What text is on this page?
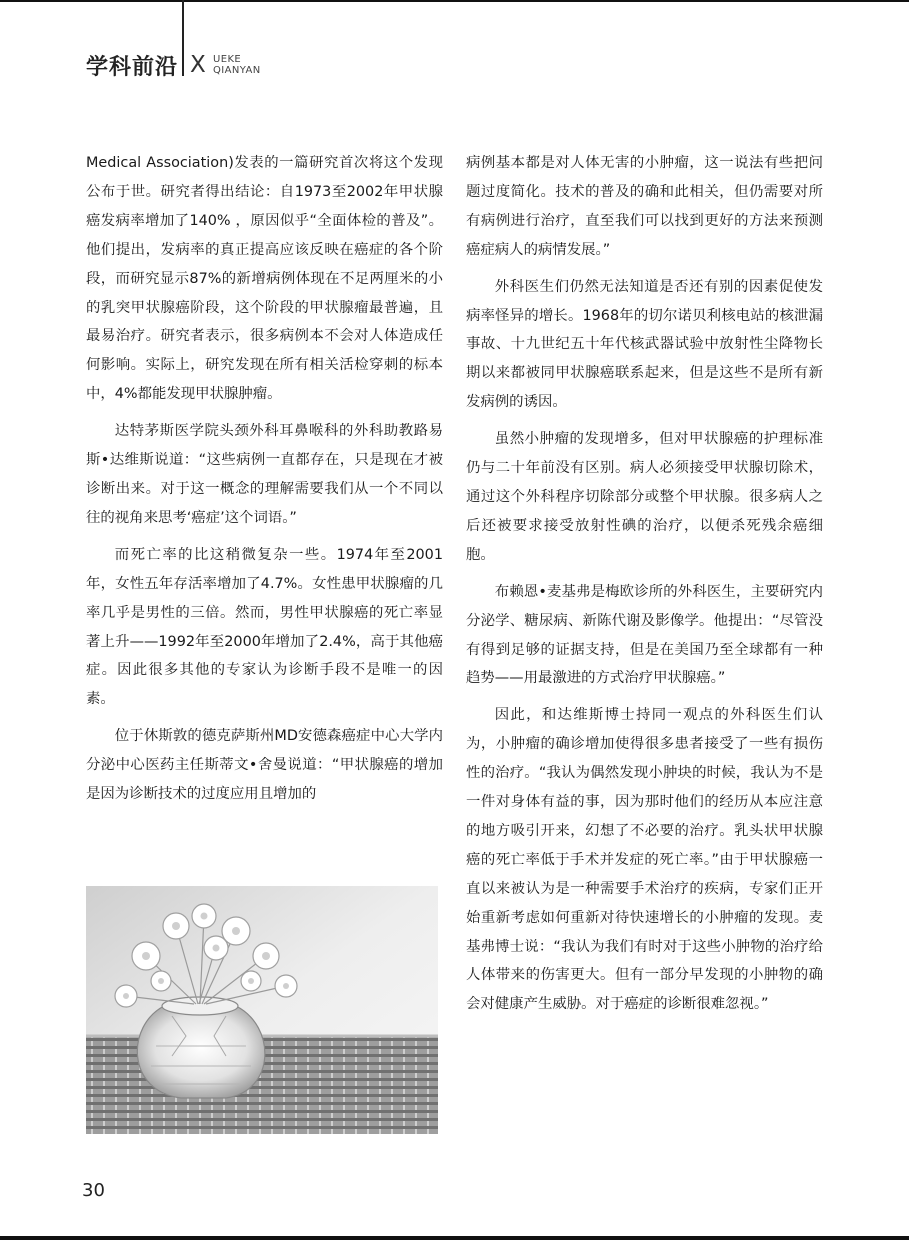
学科前沿 X UEKE
QIANYAN

Medical Association)发表的一篇研究首次将这个发现公布于世。研究者得出结论：自1973至2002年甲状腺癌发病率增加了140% ，原因似乎“全面体检的普及”。他们提出，发病率的真正提高应该反映在癌症的各个阶段，而研究显示87%的新增病例体现在不足两厘米的小的乳突甲状腺癌阶段，这个阶段的甲状腺瘤最普遍，且最易治疗。研究者表示，很多病例本不会对人体造成任何影响。实际上，研究发现在所有相关活检穿刺的标本中，4%都能发现甲状腺肿瘤。

达特茅斯医学院头颈外科耳鼻喉科的外科助教路易斯•达维斯说道：“这些病例一直都存在，只是现在才被诊断出来。对于这一概念的理解需要我们从一个不同以往的视角来思考‘癌症’这个词语。”

而死亡率的比这稍微复杂一些。1974年至2001年，女性五年存活率增加了4.7%。女性患甲状腺瘤的几率几乎是男性的三倍。然而，男性甲状腺癌的死亡率显著上升——1992年至2000年增加了2.4%，高于其他癌症。因此很多其他的专家认为诊断手段不是唯一的因素。

位于休斯敦的德克萨斯州MD安德森癌症中心大学内分泌中心医药主任斯蒂文•舍曼说道：“甲状腺癌的增加是因为诊断技术的过度应用且增加的

病例基本都是对人体无害的小肿瘤，这一说法有些把问题过度简化。技术的普及的确和此相关，但仍需要对所有病例进行治疗，直至我们可以找到更好的方法来预测癌症病人的病情发展。”

外科医生们仍然无法知道是否还有别的因素促使发病率怪异的增长。1968年的切尔诺贝利核电站的核泄漏事故、十九世纪五十年代核武器试验中放射性尘降物长期以来都被同甲状腺癌联系起来，但是这些不是所有新发病例的诱因。

虽然小肿瘤的发现增多，但对甲状腺癌的护理标准仍与二十年前没有区别。病人必须接受甲状腺切除术，通过这个外科程序切除部分或整个甲状腺。很多病人之后还被要求接受放射性碘的治疗，以便杀死残余癌细胞。

布赖恩•麦基弗是梅欧诊所的外科医生，主要研究内分泌学、糖尿病、新陈代谢及影像学。他提出：“尽管没有得到足够的证据支持，但是在美国乃至全球都有一种趋势——用最激进的方式治疗甲状腺癌。”

因此，和达维斯博士持同一观点的外科医生们认为，小肿瘤的确诊增加使得很多患者接受了一些有损伤性的治疗。“我认为偶然发现小肿块的时候，我认为不是一件对身体有益的事，因为那时他们的经历从本应注意的地方吸引开来，幻想了不必要的治疗。乳头状甲状腺癌的死亡率低于手术并发症的死亡率。”由于甲状腺癌一直以来被认为是一种需要手术治疗的疾病，专家们正开始重新考虑如何重新对待快速增长的小肿瘤的发现。麦基弗博士说：“我认为我们有时对于这些小肿物的治疗给人体带来的伤害更大。但有一部分早发现的小肿物的确会对健康产生威胁。对于癌症的诊断很难忽视。”

30
